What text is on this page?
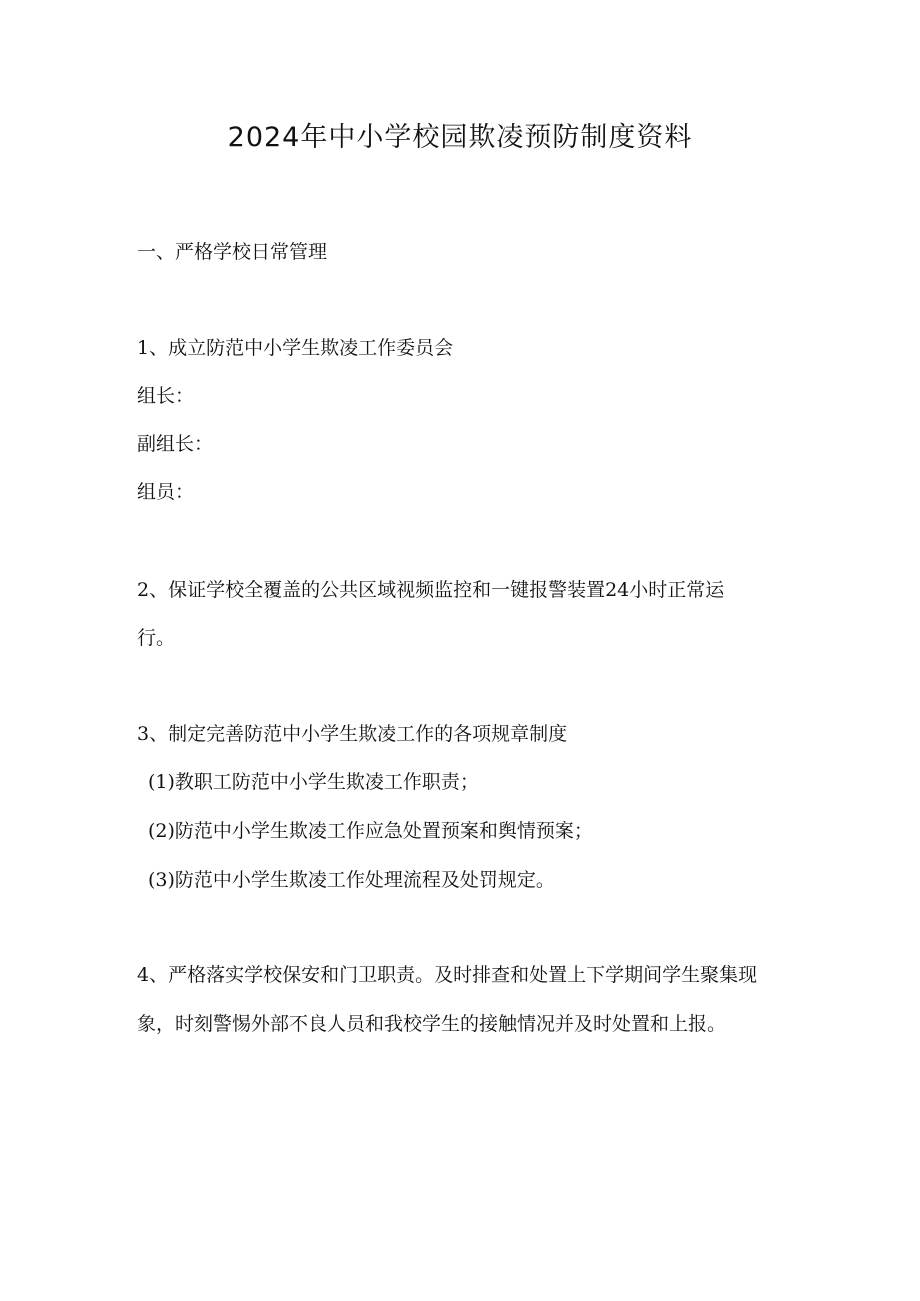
2024年中小学校园欺凌预防制度资料

一、严格学校日常管理

1、成立防范中小学生欺凌工作委员会

组长：

副组长：

组员：

2、保证学校全覆盖的公共区域视频监控和一键报警装置24小时正常运

行。

3、制定完善防范中小学生欺凌工作的各项规章制度

(1)教职工防范中小学生欺凌工作职责；

(2)防范中小学生欺凌工作应急处置预案和舆情预案；

(3)防范中小学生欺凌工作处理流程及处罚规定。

4、严格落实学校保安和门卫职责。及时排查和处置上下学期间学生聚集现

象，时刻警惕外部不良人员和我校学生的接触情况并及时处置和上报。
